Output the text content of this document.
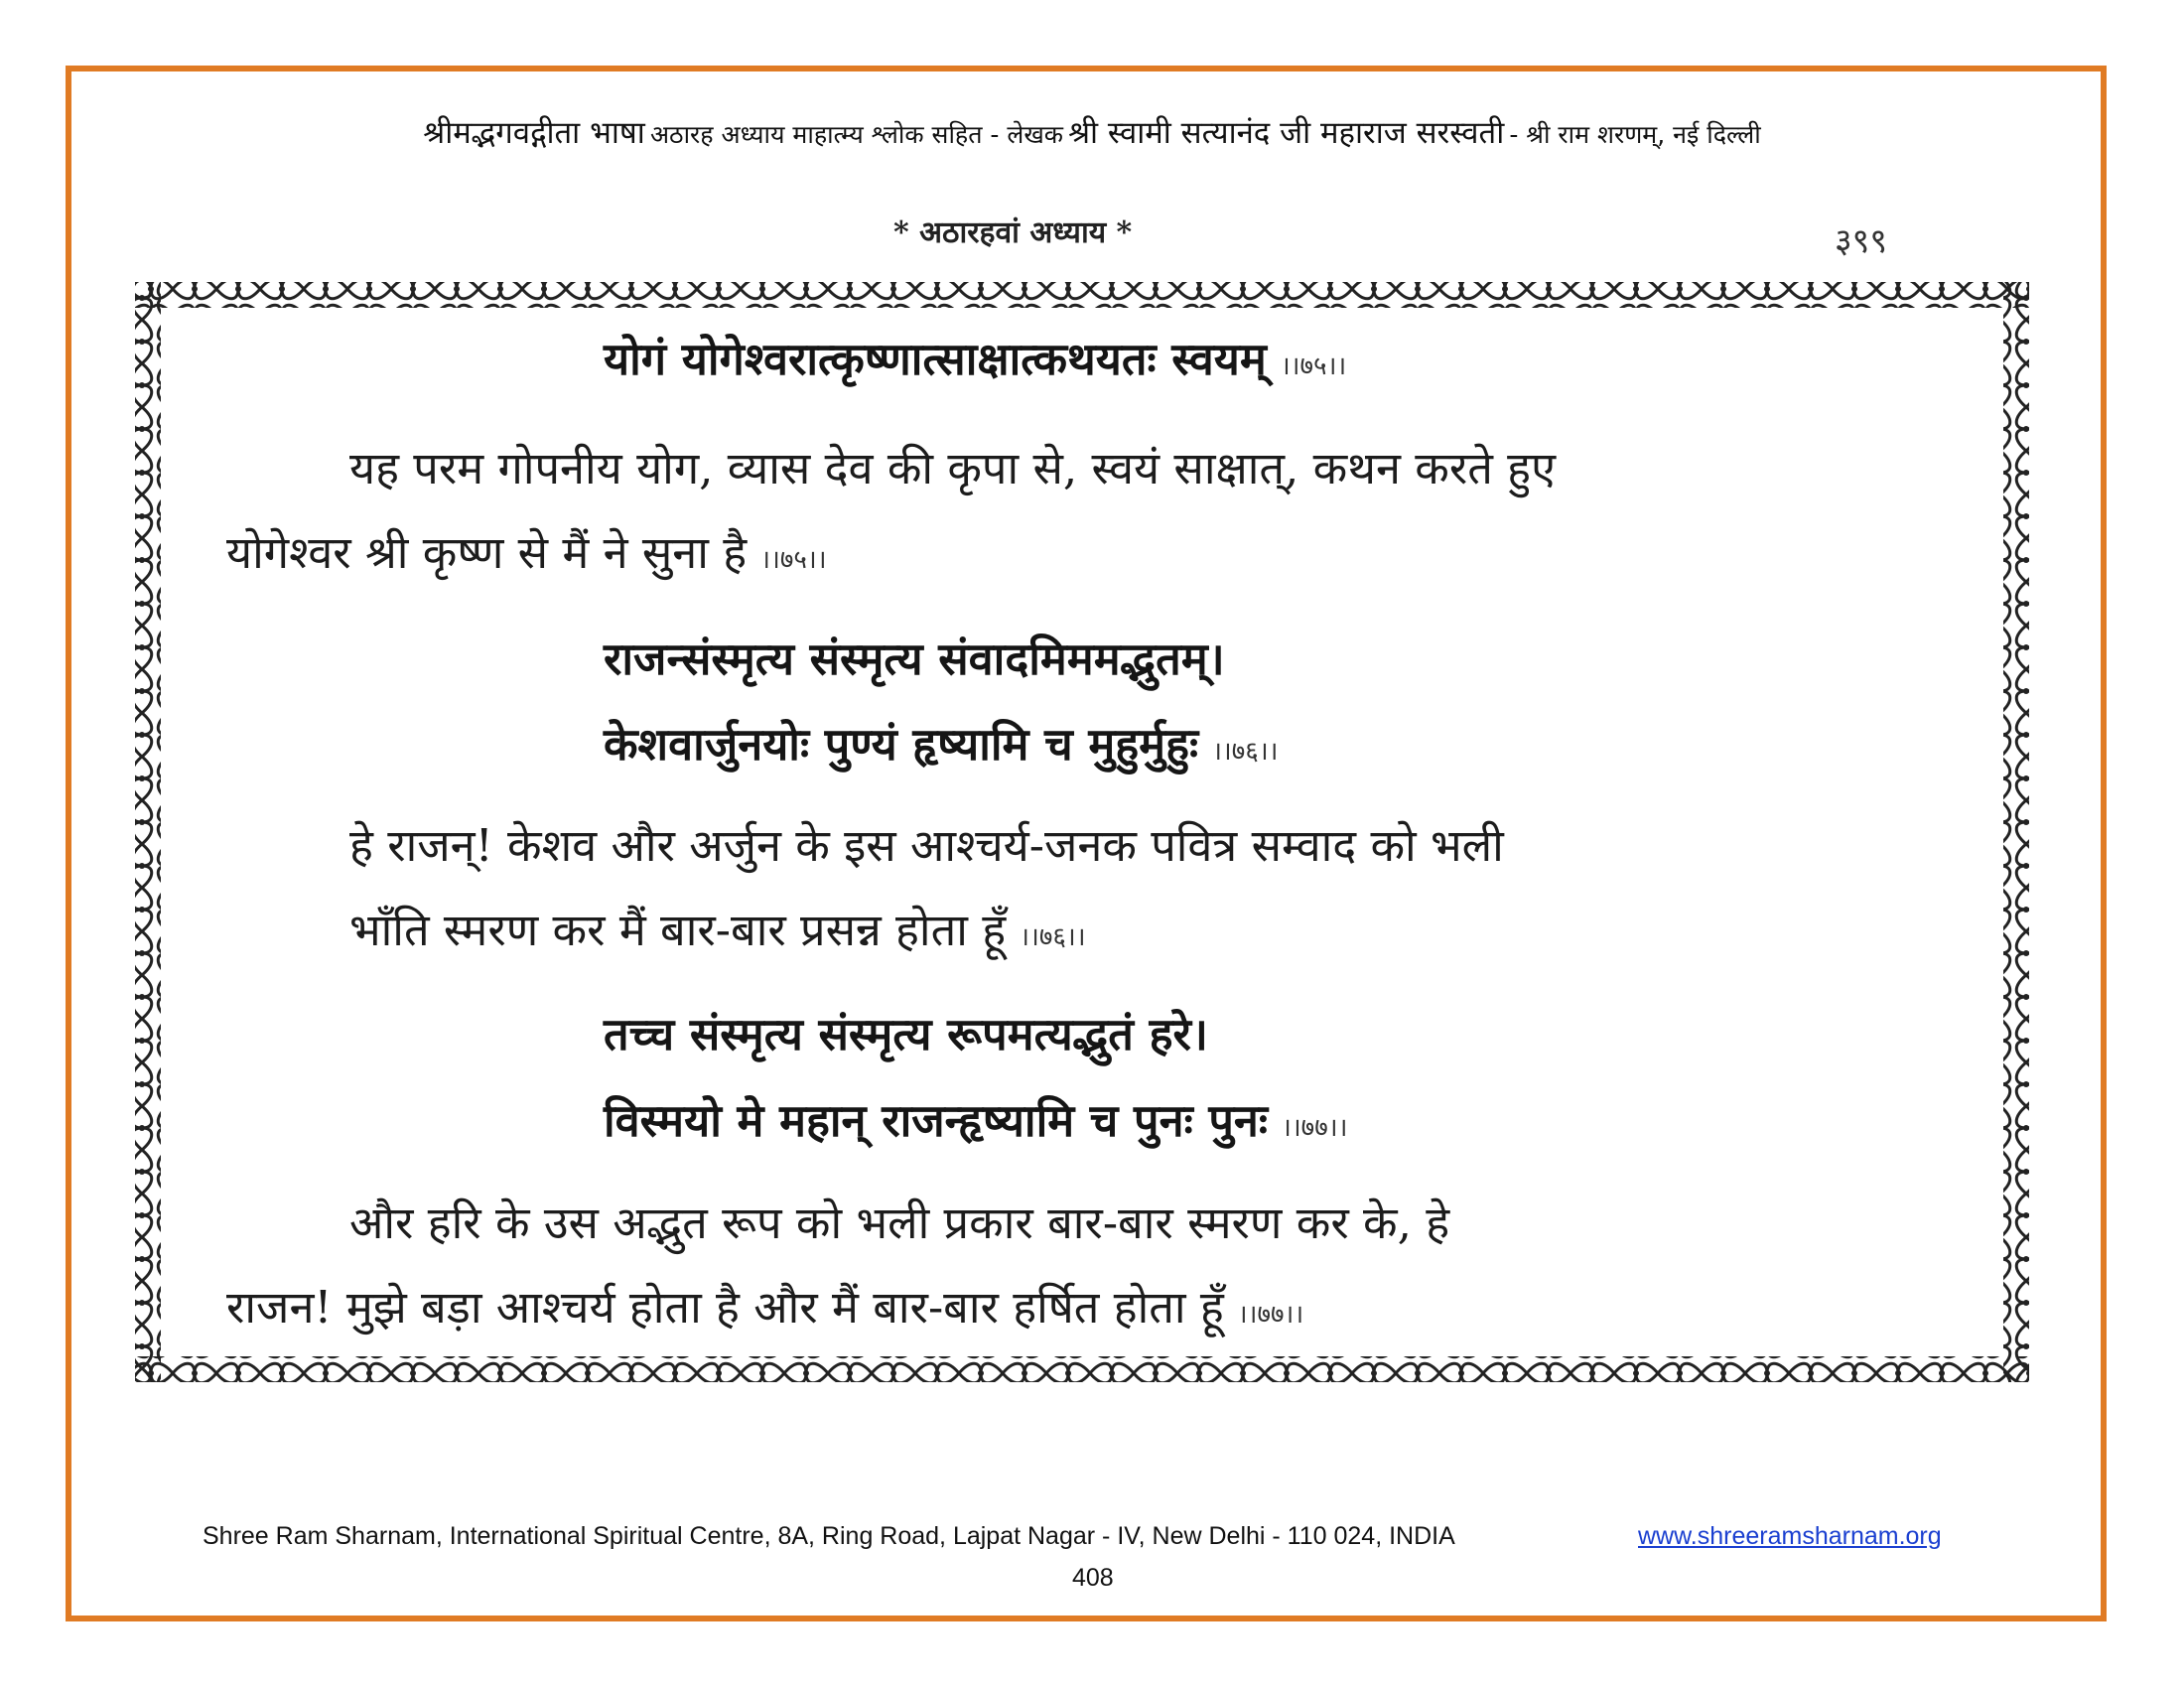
श्रीमद्भगवद्गीता भाषा अठारह अध्याय माहात्म्य श्लोक सहित - लेखक श्री स्वामी सत्यानंद जी महाराज सरस्वती - श्री राम शरणम्, नई दिल्ली
* अठारहवां अध्याय *	३९९
योगं योगेश्वरात्कृष्णात्साक्षात्कथयतः स्वयम् ।।७५।।
यह परम गोपनीय योग, व्यास देव की कृपा से, स्वयं साक्षात्, कथन करते हुए
योगेश्वर श्री कृष्ण से मैं ने सुना है ।।७५।।
राजन्संस्मृत्य संस्मृत्य संवादमिममद्भुतम्।
केशवार्जुनयोः पुण्यं हृष्यामि च मुहुर्मुहुः ।।७६।।
हे राजन्! केशव और अर्जुन के इस आश्चर्य-जनक पवित्र सम्वाद को भली
भाँति स्मरण कर मैं बार-बार प्रसन्न होता हूँ ।।७६।।
तच्च संस्मृत्य संस्मृत्य रूपमत्यद्भुतं हरे।
विस्मयो मे महान् राजन्हृष्यामि च पुनः पुनः ।।७७।।
और हरि के उस अद्भुत रूप को भली प्रकार बार-बार स्मरण कर के, हे
राजन! मुझे बड़ा आश्चर्य होता है और मैं बार-बार हर्षित होता हूँ ।।७७।।
Shree Ram Sharnam, International Spiritual Centre, 8A, Ring Road, Lajpat Nagar - IV, New Delhi - 110 024, INDIA	www.shreeramsharnam.org
408
